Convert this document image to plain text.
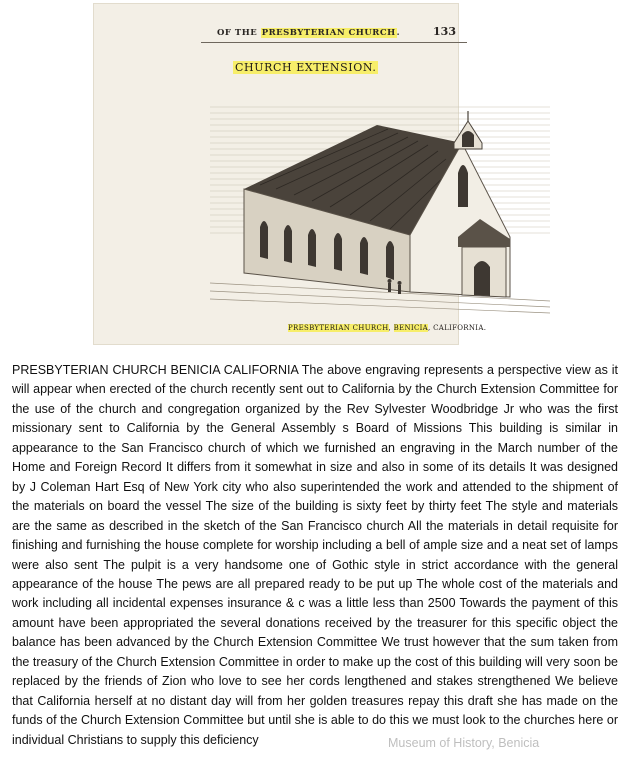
OF THE PRESBYTERIAN CHURCH.	133
CHURCH EXTENSION.
PRESBYTERIAN CHURCH, BENICIA, CALIFORNIA.

PRESBYTERIAN CHURCH BENICIA CALIFORNIA The above engraving represents a perspective view as it will appear when erected of the church recently sent out to California by the Church Extension Committee for the use of the church and congregation organized by the Rev Sylvester Woodbridge Jr who was the first missionary sent to California by the General Assembly s Board of Missions This building is similar in appearance to the San Francisco church of which we furnished an engraving in the March number of the Home and Foreign Record It differs from it somewhat in size and also in some of its details It was designed by J Coleman Hart Esq of New York city who also superintended the work and attended to the shipment of the materials on board the vessel The size of the building is sixty feet by thirty feet The style and materials are the same as described in the sketch of the San Francisco church All the materials in detail requisite for finishing and furnishing the house complete for worship including a bell of ample size and a neat set of lamps were also sent The pulpit is a very handsome one of Gothic style in strict accordance with the general appearance of the house The pews are all prepared ready to be put up The whole cost of the materials and work including all incidental expenses insurance & c was a little less than 2500 Towards the payment of this amount have been appropriated the several donations received by the treasurer for this specific object the balance has been advanced by the Church Extension Committee We trust however that the sum taken from the treasury of the Church Extension Committee in order to make up the cost of this building will very soon be replaced by the friends of Zion who love to see her cords lengthened and stakes strengthened We believe that California herself at no distant day will from her golden treasures repay this draft she has made on the funds of the Church Extension Committee but until she is able to do this we must look to the churches here or individual Christians to supply this deficiency	Museum of History, Benicia
